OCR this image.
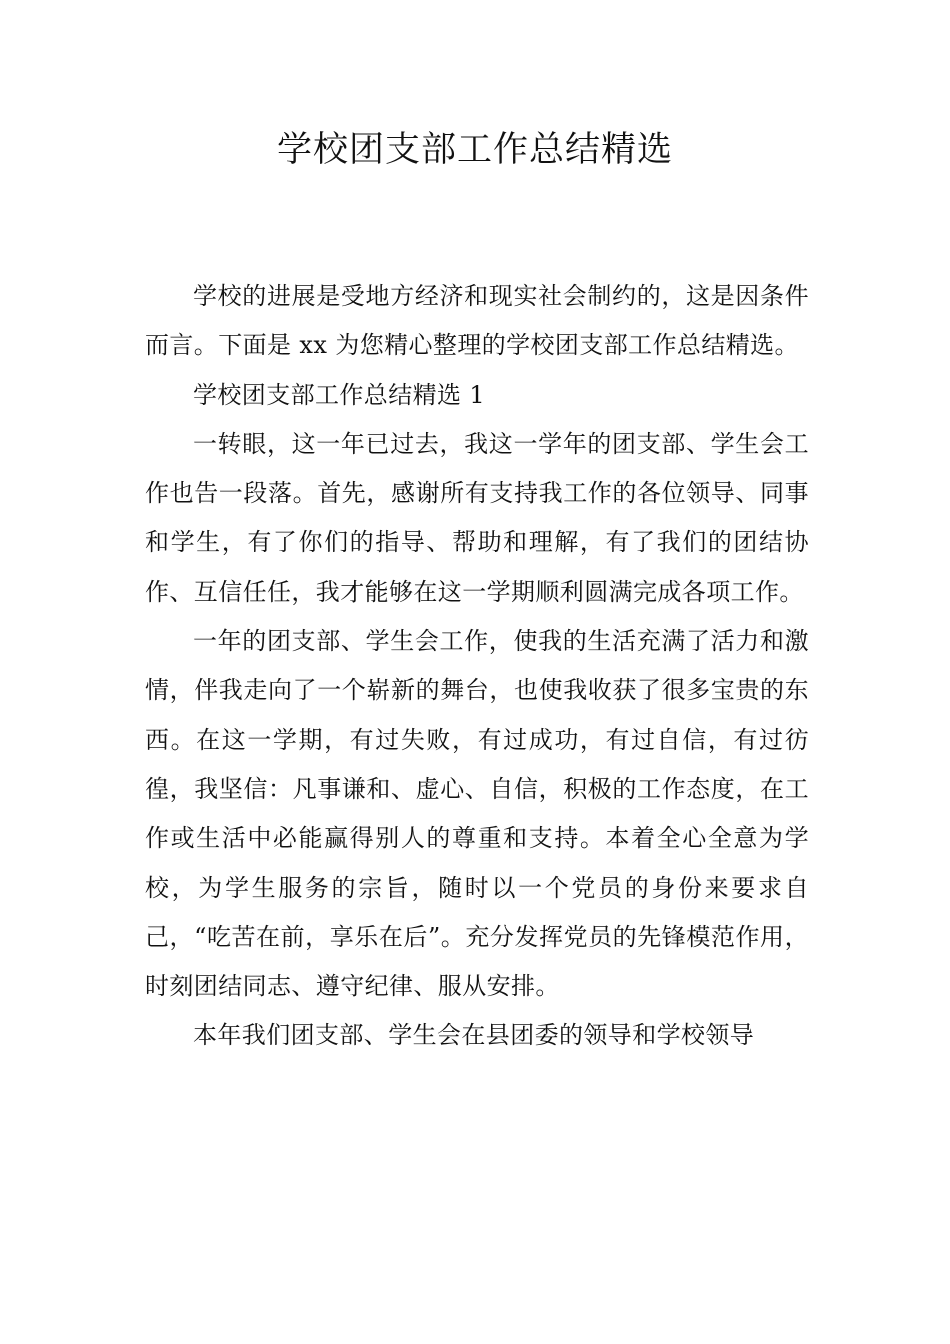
学校团支部工作总结精选

学校的进展是受地方经济和现实社会制约的，这是因条件而言。下面是 xx 为您精心整理的学校团支部工作总结精选。

学校团支部工作总结精选 1

一转眼，这一年已过去，我这一学年的团支部、学生会工作也告一段落。首先，感谢所有支持我工作的各位领导、同事和学生，有了你们的指导、帮助和理解，有了我们的团结协作、互信任任，我才能够在这一学期顺利圆满完成各项工作。

一年的团支部、学生会工作，使我的生活充满了活力和激情，伴我走向了一个崭新的舞台，也使我收获了很多宝贵的东西。在这一学期，有过失败，有过成功，有过自信，有过彷徨，我坚信：凡事谦和、虚心、自信，积极的工作态度，在工作或生活中必能赢得别人的尊重和支持。本着全心全意为学校，为学生服务的宗旨，随时以一个党员的身份来要求自己，“吃苦在前，享乐在后”。充分发挥党员的先锋模范作用，时刻团结同志、遵守纪律、服从安排。

本年我们团支部、学生会在县团委的领导和学校领导
